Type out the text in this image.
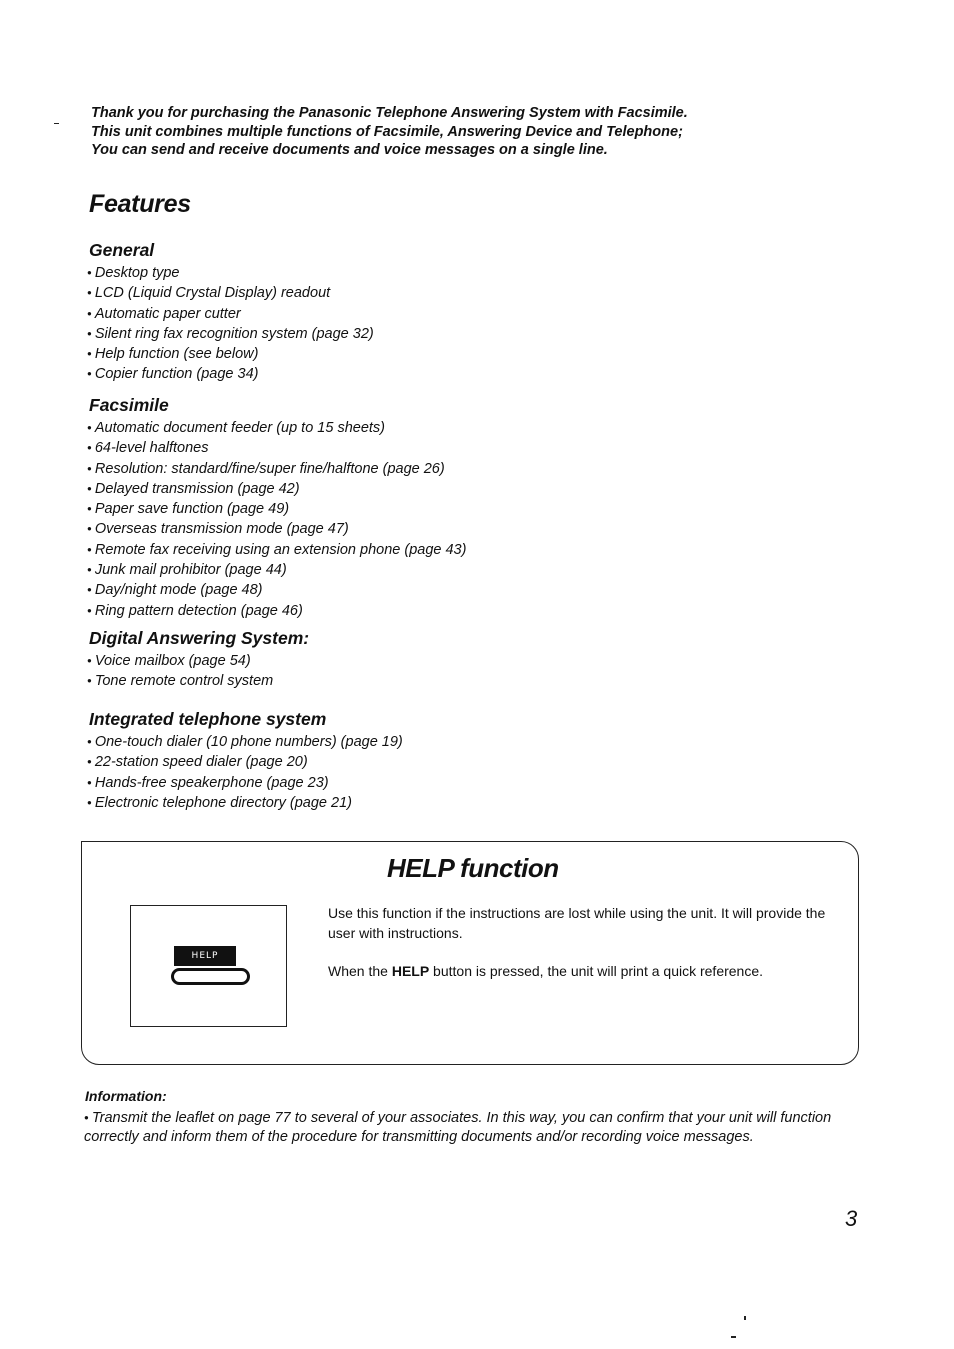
Thank you for purchasing the Panasonic Telephone Answering System with Facsimile.
This unit combines multiple functions of Facsimile, Answering Device and Telephone;
You can send and receive documents and voice messages on a single line.
Features
General
● Desktop type
● LCD (Liquid Crystal Display) readout
● Automatic paper cutter
● Silent ring fax recognition system (page 32)
● Help function (see below)
● Copier function (page 34)
Facsimile
● Automatic document feeder (up to 15 sheets)
● 64-level halftones
● Resolution: standard/fine/super fine/halftone (page 26)
● Delayed transmission (page 42)
● Paper save function (page 49)
● Overseas transmission mode (page 47)
● Remote fax receiving using an extension phone (page 43)
● Junk mail prohibitor (page 44)
● Day/night mode (page 48)
● Ring pattern detection (page 46)
Digital Answering System:
● Voice mailbox (page 54)
● Tone remote control system
Integrated telephone system
● One-touch dialer (10 phone numbers) (page 19)
● 22-station speed dialer (page 20)
● Hands-free speakerphone (page 23)
● Electronic telephone directory (page 21)
HELP function
HELP

Use this function if the instructions are lost while using the unit. It will provide the user with instructions.

When the HELP button is pressed, the unit will print a quick reference.

Information:
● Transmit the leaflet on page 77 to several of your associates. In this way, you can confirm that your unit will function correctly and inform them of the procedure for transmitting documents and/or recording voice messages.
3
